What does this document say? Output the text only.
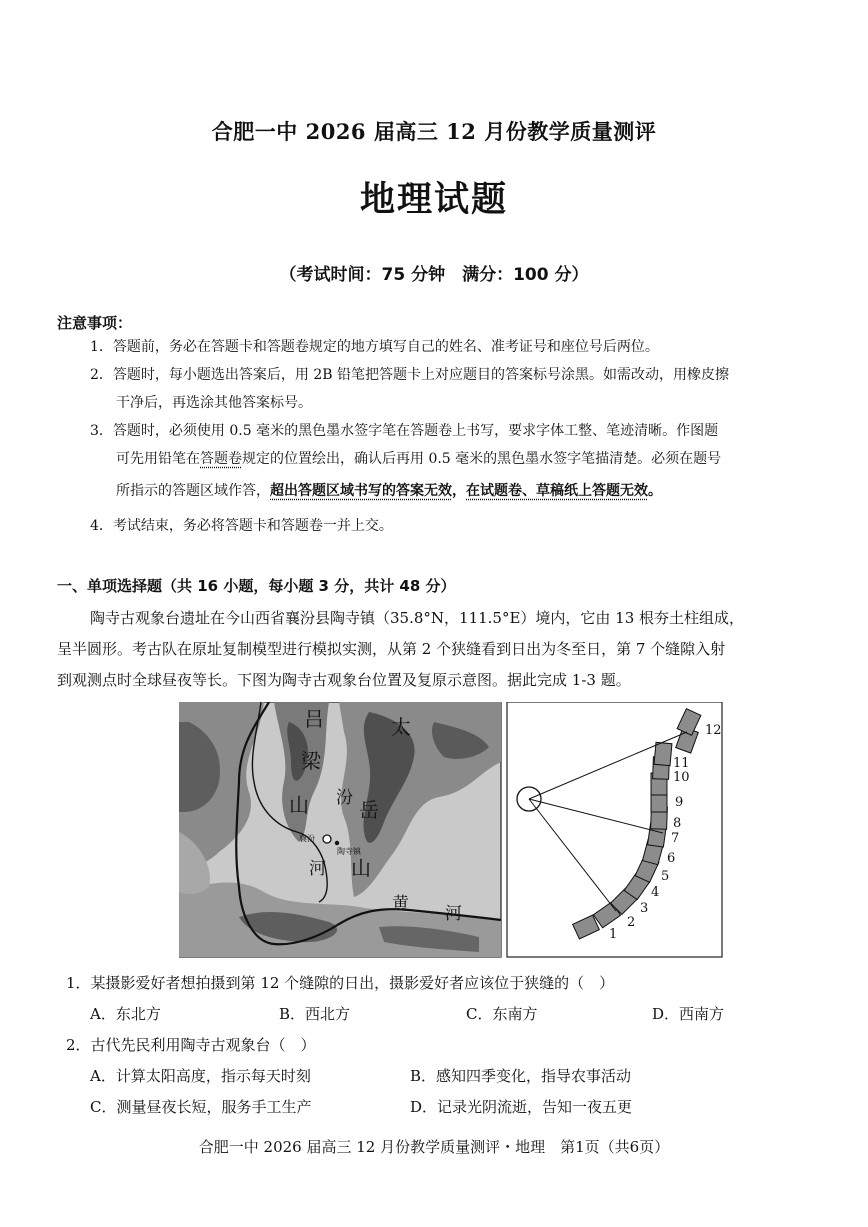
合肥一中 2026 届高三 12 月份教学质量测评
地理试题
（考试时间：75 分钟　满分：100 分）
注意事项：
1．答题前，务必在答题卡和答题卷规定的地方填写自己的姓名、准考证号和座位号后两位。
2．答题时，每小题选出答案后，用 2B 铅笔把答题卡上对应题目的答案标号涂黑。如需改动，用橡皮擦
干净后，再选涂其他答案标号。
3．答题时，必须使用 0.5 毫米的黑色墨水签字笔在答题卷上书写，要求字体工整、笔迹清晰。作图题
可先用铅笔在答题卷规定的位置绘出，确认后再用 0.5 毫米的黑色墨水签字笔描清楚。必须在题号
所指示的答题区域作答，超出答题区域书写的答案无效，在试题卷、草稿纸上答题无效。
4．考试结束，务必将答题卡和答题卷一并上交。
一、单项选择题（共 16 小题，每小题 3 分，共计 48 分）
陶寺古观象台遗址在今山西省襄汾县陶寺镇（35.8°N，111.5°E）境内，它由 13 根夯土柱组成，
呈半圆形。考古队在原址复制模型进行模拟实测，从第 2 个狭缝看到日出为冬至日，第 7 个缝隙入射
到观测点时全球昼夜等长。下图为陶寺古观象台位置及复原示意图。据此完成 1-3 题。
吕
梁
山
太
岳
山
汾
河
黄 河
襄汾
陶寺镇
1
2
3
4
5
6
7
8
9
10
11
12
1．某摄影爱好者想拍摄到第 12 个缝隙的日出，摄影爱好者应该位于狭缝的（　）
A．东北方	B．西北方	C．东南方	D．西南方
2．古代先民利用陶寺古观象台（　）
A．计算太阳高度，指示每天时刻	B．感知四季变化，指导农事活动
C．测量昼夜长短，服务手工生产	D．记录光阴流逝，告知一夜五更
合肥一中 2026 届高三 12 月份教学质量测评・地理　第1页（共6页）
